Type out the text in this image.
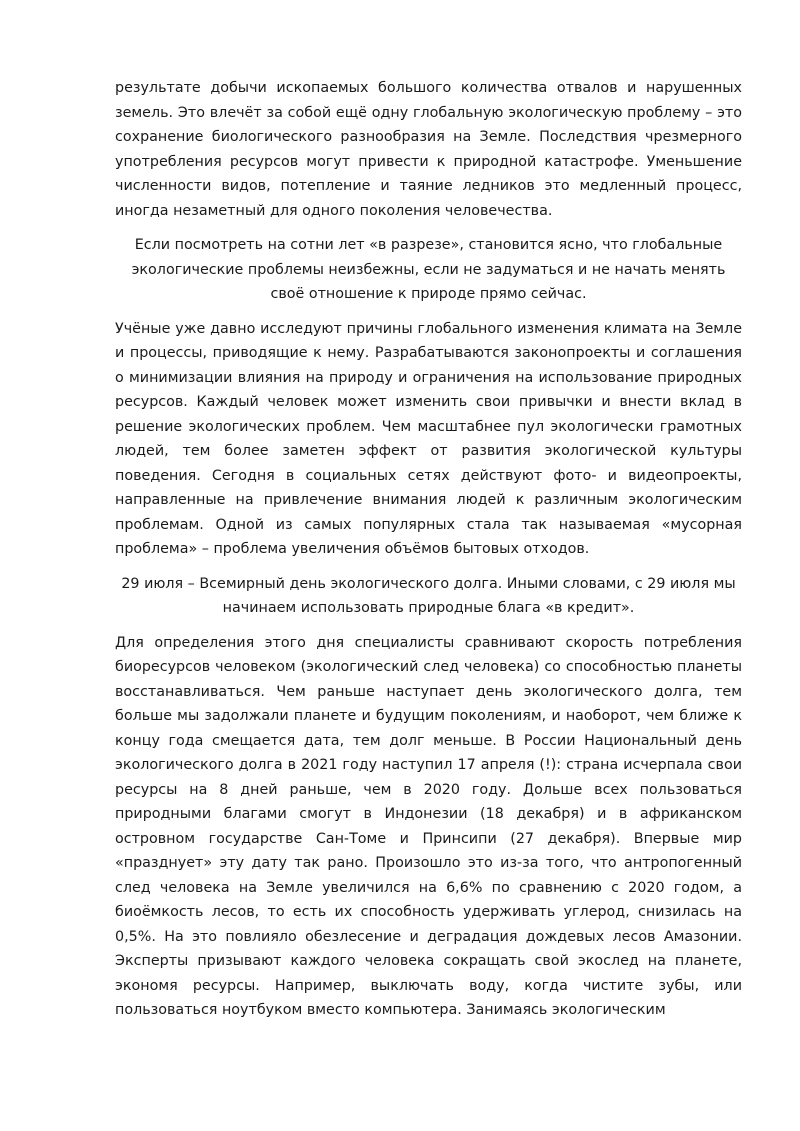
результате добычи ископаемых большого количества отвалов и нарушенных земель. Это влечёт за собой ещё одну глобальную экологическую проблему – это сохранение биологического разнообразия на Земле. Последствия чрезмерного употребления ресурсов могут привести к природной катастрофе. Уменьшение численности видов, потепление и таяние ледников это медленный процесс, иногда незаметный для одного поколения человечества.

Если посмотреть на сотни лет «в разрезе», становится ясно, что глобальные экологические проблемы неизбежны, если не задуматься и не начать менять своё отношение к природе прямо сейчас.

Учёные уже давно исследуют причины глобального изменения климата на Земле и процессы, приводящие к нему. Разрабатываются законопроекты и соглашения о минимизации влияния на природу и ограничения на использование природных ресурсов. Каждый человек может изменить свои привычки и внести вклад в решение экологических проблем. Чем масштабнее пул экологически грамотных людей, тем более заметен эффект от развития экологической культуры поведения. Сегодня в социальных сетях действуют фото- и видеопроекты, направленные на привлечение внимания людей к различным экологическим проблемам. Одной из самых популярных стала так называемая «мусорная проблема» – проблема увеличения объёмов бытовых отходов.

29 июля – Всемирный день экологического долга. Иными словами, с 29 июля мы начинаем использовать природные блага «в кредит».

Для определения этого дня специалисты сравнивают скорость потребления биоресурсов человеком (экологический след человека) со способностью планеты восстанавливаться. Чем раньше наступает день экологического долга, тем больше мы задолжали планете и будущим поколениям, и наоборот, чем ближе к концу года смещается дата, тем долг меньше. В России Национальный день экологического долга в 2021 году наступил 17 апреля (!): страна исчерпала свои ресурсы на 8 дней раньше, чем в 2020 году. Дольше всех пользоваться природными благами смогут в Индонезии (18 декабря) и в африканском островном государстве Сан-Томе и Принсипи (27 декабря). Впервые мир «празднует» эту дату так рано. Произошло это из-за того, что антропогенный след человека на Земле увеличился на 6,6% по сравнению с 2020 годом, а биоёмкость лесов, то есть их способность удерживать углерод, снизилась на 0,5%. На это повлияло обезлесение и деградация дождевых лесов Амазонии. Эксперты призывают каждого человека сокращать свой экослед на планете, экономя ресурсы. Например, выключать воду, когда чистите зубы, или пользоваться ноутбуком вместо компьютера. Занимаясь экологическим
